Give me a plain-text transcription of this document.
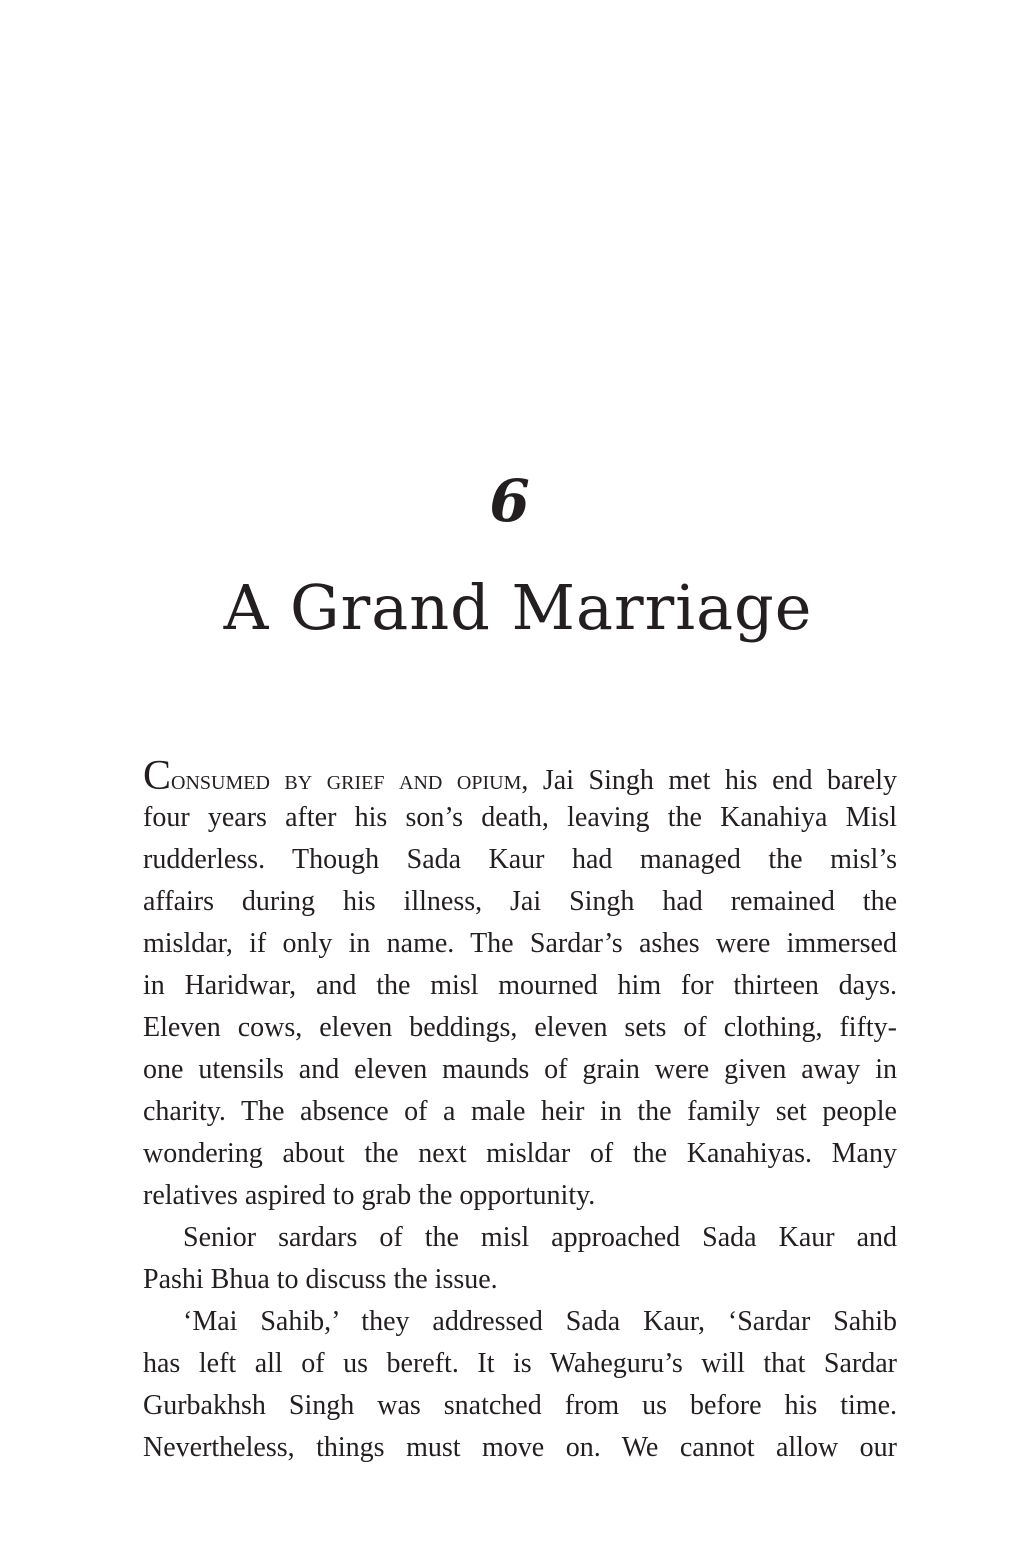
6
A Grand Marriage
Consumed by grief and opium, Jai Singh met his end barely
four years after his son’s death, leaving the Kanahiya Misl
rudderless. Though Sada Kaur had managed the misl’s
affairs during his illness, Jai Singh had remained the
misldar, if only in name. The Sardar’s ashes were immersed
in Haridwar, and the misl mourned him for thirteen days.
Eleven cows, eleven beddings, eleven sets of clothing, fifty-
one utensils and eleven maunds of grain were given away in
charity. The absence of a male heir in the family set people
wondering about the next misldar of the Kanahiyas. Many
relatives aspired to grab the opportunity.
Senior sardars of the misl approached Sada Kaur and
Pashi Bhua to discuss the issue.
‘Mai Sahib,’ they addressed Sada Kaur, ‘Sardar Sahib
has left all of us bereft. It is Waheguru’s will that Sardar
Gurbakhsh Singh was snatched from us before his time.
Nevertheless, things must move on. We cannot allow our
